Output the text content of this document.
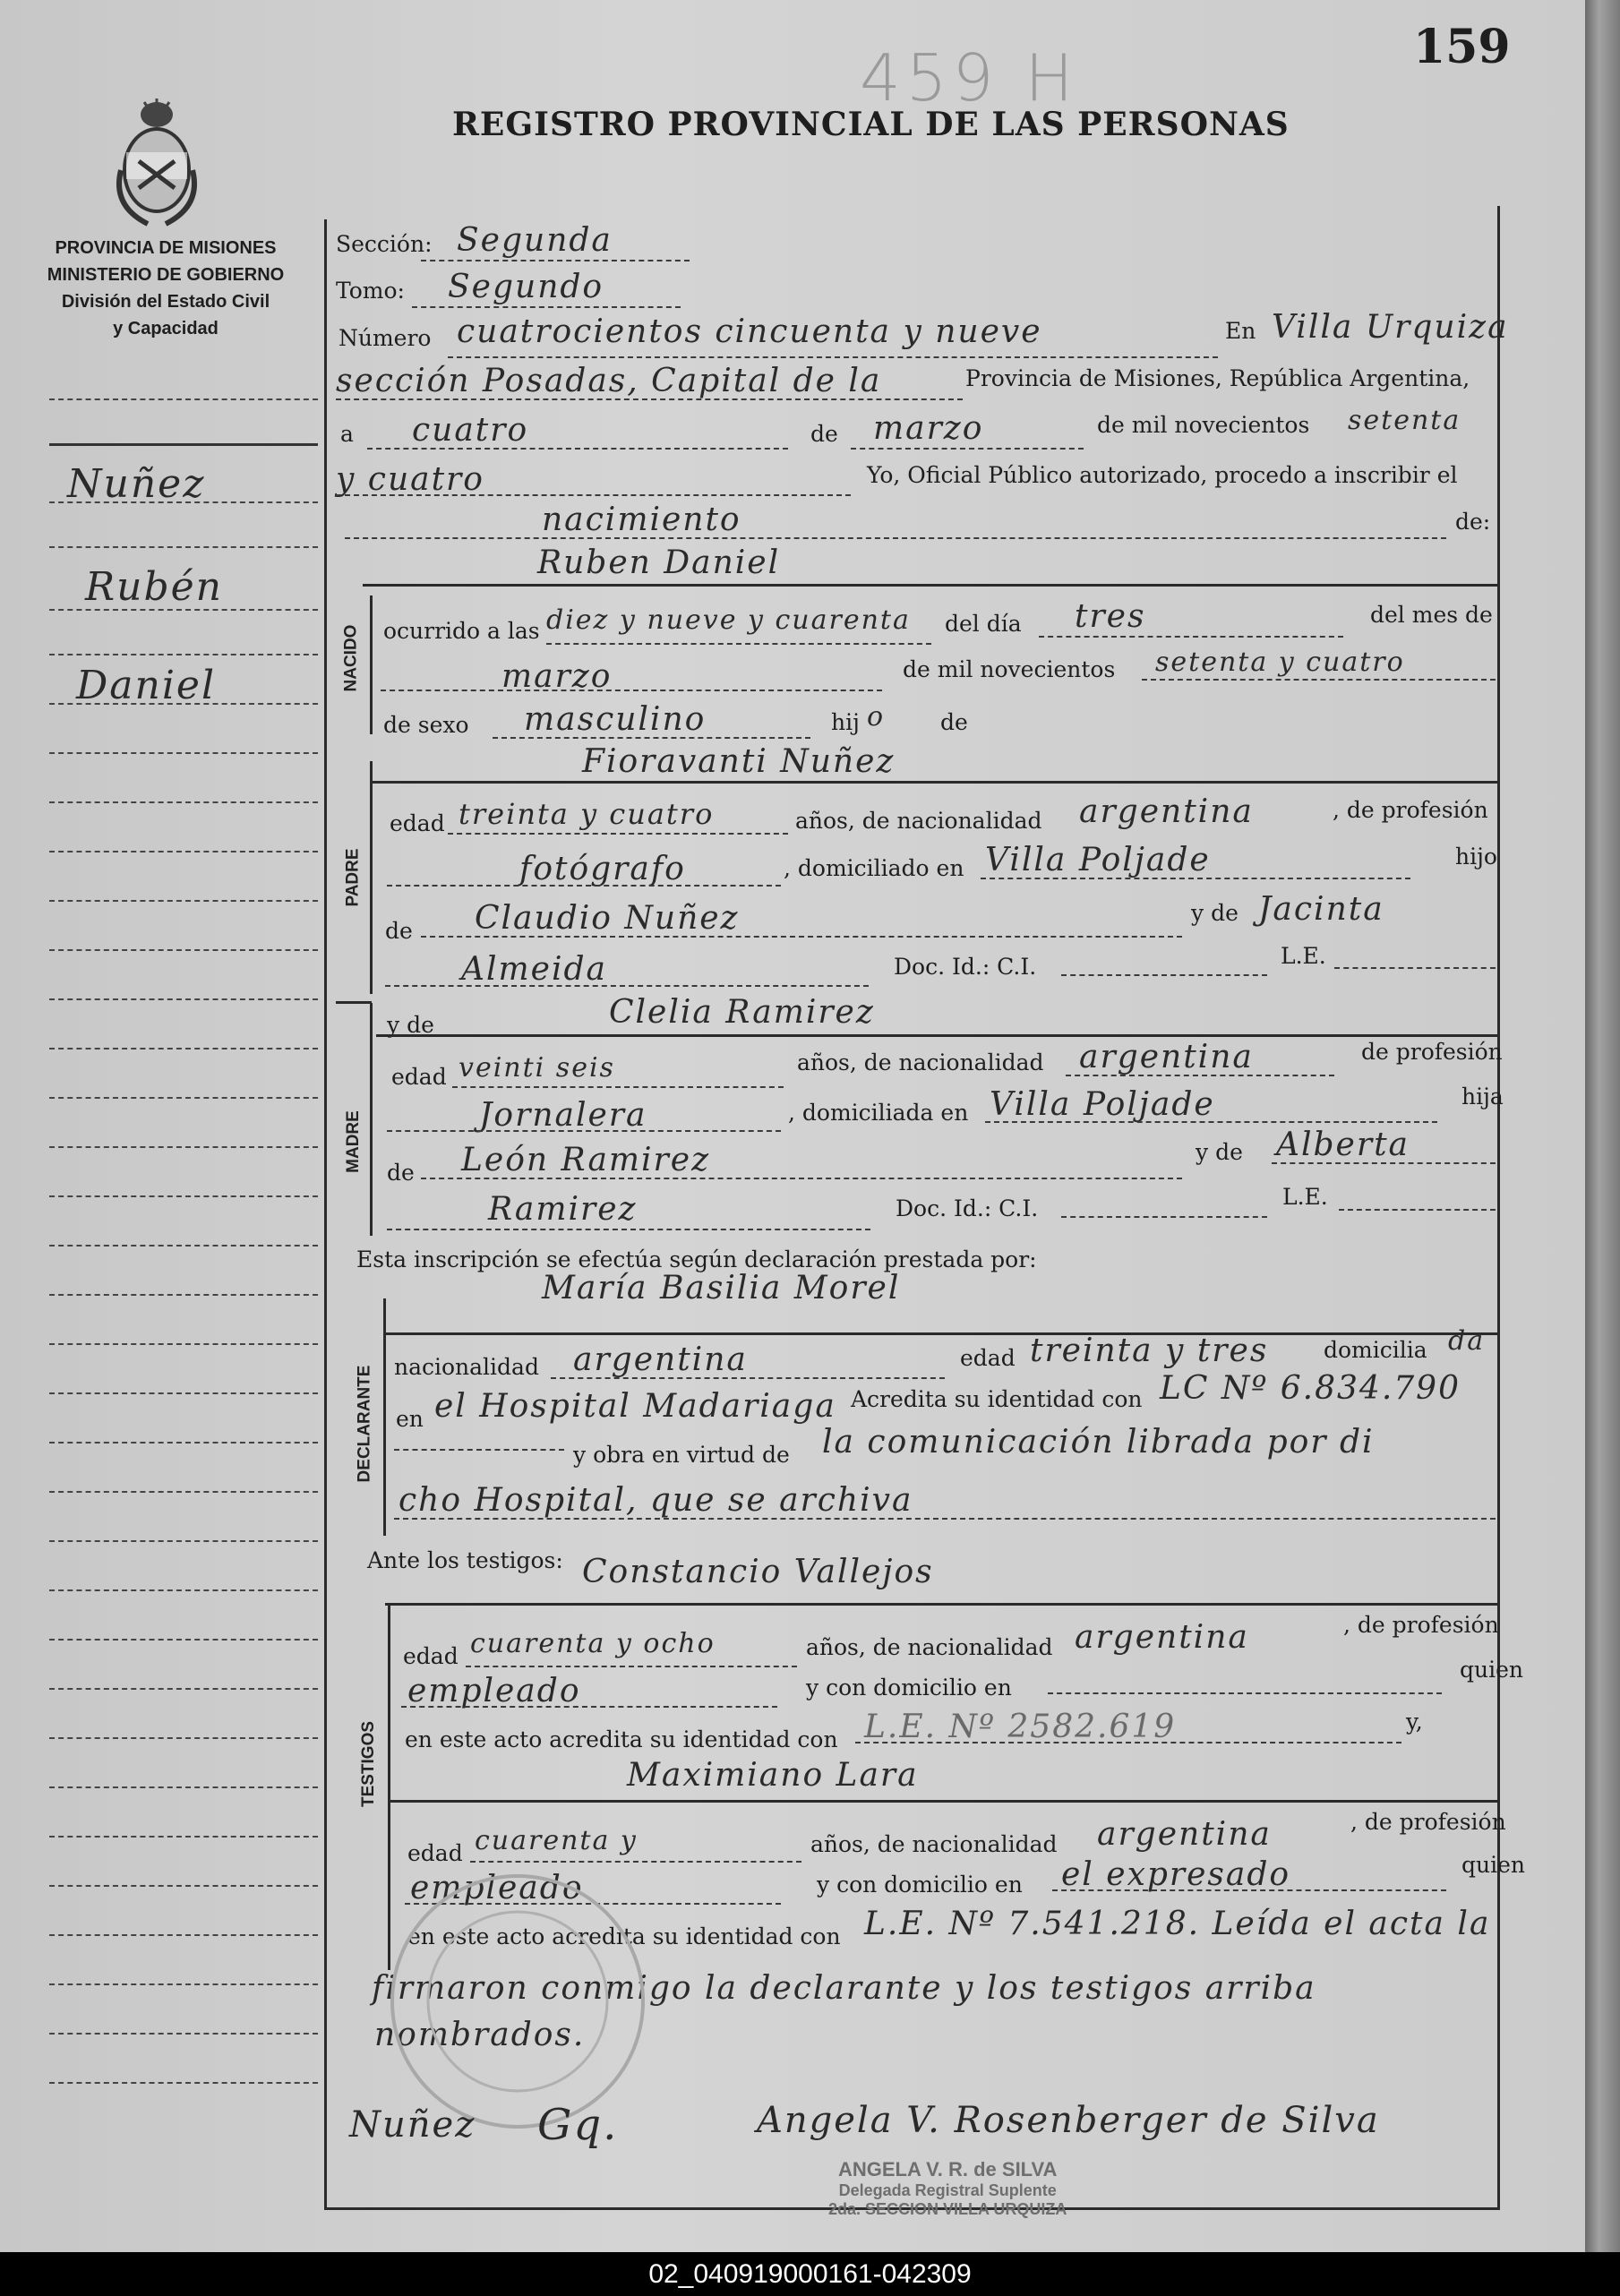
159
459 H
REGISTRO PROVINCIAL DE LAS PERSONAS
PROVINCIA DE MISIONES
MINISTERIO DE GOBIERNO
División del Estado Civil
y Capacidad
Nuñez
Rubén
Daniel
Sección: Segunda
Tomo: Segundo
Número cuatrocientos cincuenta y nueve	En Villa Urquiza
sección Posadas, Capital de la	Provincia de Misiones, República Argentina,
a cuatro	de marzo	de mil novecientos setenta
y cuatro	Yo, Oficial Público autorizado, procedo a inscribir el
nacimiento	de:
Ruben Daniel
NACIDO ocurrido a las diez y nueve y cuarenta del día tres	del mes de
marzo	de mil novecientos setenta y cuatro
de sexo masculino	hij o de
Fioravanti Nuñez
PADRE
edad treinta y cuatro	años, de nacionalidad argentina	, de profesión
fotógrafo	, domiciliado en Villa Poljade	hijo
de Claudio Nuñez	y de Jacinta
Almeida	Doc. Id.: C.I.	L.E.
y de	Clelia Ramirez
MADRE
edad veinti seis	años, de nacionalidad argentina	de profesión
Jornalera	, domiciliada en Villa Poljade	hija
de León Ramirez	y de Alberta
Ramirez	Doc. Id.: C.I.	L.E.
Esta inscripción se efectúa según declaración prestada por:
María Basilia Morel
DECLARANTE nacionalidad argentina	edad treinta y tres domicilia da
en el Hospital Madariaga Acredita su identidad con LC Nº 6.834.790
y obra en virtud de la comunicación librada por di
cho Hospital, que se archiva
Ante los testigos: Constancio Vallejos
TESTIGOS
edad cuarenta y ocho	años, de nacionalidad argentina	, de profesión
empleado	y con domicilio en
quien
en este acto acredita su identidad con L.E. Nº 2582.619	y,
Maximiano Lara
edad cuarenta y	años, de nacionalidad argentina	, de profesión
empleado	y con domicilio en el expresado	quien
en este acto acredita su identidad con L.E. Nº 7.541.218. Leída el acta la
firmaron conmigo la declarante y los testigos arriba
nombrados.
Nuñez Gq.	Angela V. Rosenberger de Silva
ANGELA V. R. de SILVA
Delegada Registral Suplente
2da. SECCION VILLA URQUIZA
02_040919000161-042309
